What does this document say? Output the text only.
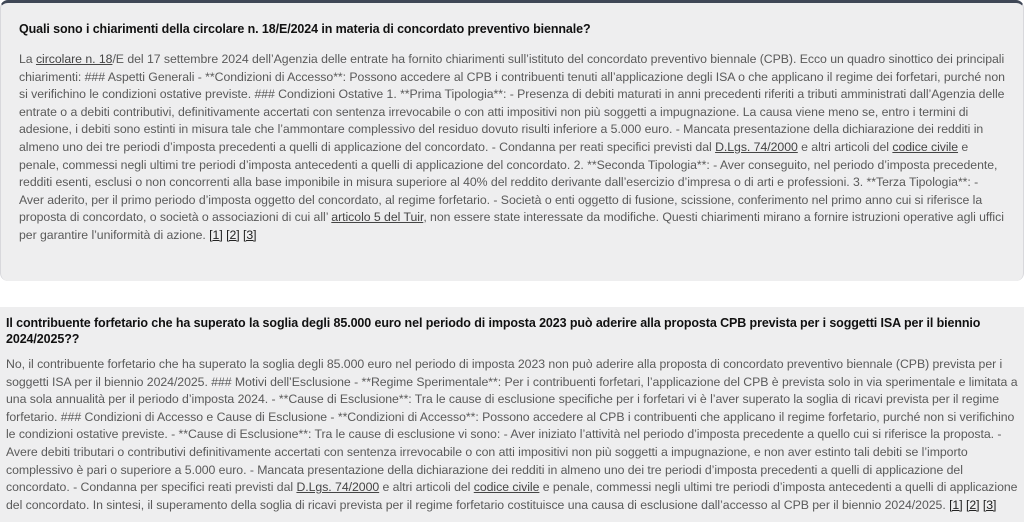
Quali sono i chiarimenti della circolare n. 18/E/2024 in materia di concordato preventivo biennale?

La circolare n. 18/E del 17 settembre 2024 dell’Agenzia delle entrate ha fornito chiarimenti sull’istituto del concordato preventivo biennale (CPB). Ecco un quadro sinottico dei principali chiarimenti: ### Aspetti Generali - **Condizioni di Accesso**: Possono accedere al CPB i contribuenti tenuti all’applicazione degli ISA o che applicano il regime dei forfetari, purché non si verifichino le condizioni ostative previste. ### Condizioni Ostative 1. **Prima Tipologia**: - Presenza di debiti maturati in anni precedenti riferiti a tributi amministrati dall’Agenzia delle entrate o a debiti contributivi, definitivamente accertati con sentenza irrevocabile o con atti impositivi non più soggetti a impugnazione. La causa viene meno se, entro i termini di adesione, i debiti sono estinti in misura tale che l’ammontare complessivo del residuo dovuto risulti inferiore a 5.000 euro. - Mancata presentazione della dichiarazione dei redditi in almeno uno dei tre periodi d’imposta precedenti a quelli di applicazione del concordato. - Condanna per reati specifici previsti dal D.Lgs. 74/2000 e altri articoli del codice civile e penale, commessi negli ultimi tre periodi d’imposta antecedenti a quelli di applicazione del concordato. 2. **Seconda Tipologia**: - Aver conseguito, nel periodo d’imposta precedente, redditi esenti, esclusi o non concorrenti alla base imponibile in misura superiore al 40% del reddito derivante dall’esercizio d’impresa o di arti e professioni. 3. **Terza Tipologia**: - Aver aderito, per il primo periodo d’imposta oggetto del concordato, al regime forfetario. - Società o enti oggetto di fusione, scissione, conferimento nel primo anno cui si riferisce la proposta di concordato, o società o associazioni di cui all’ articolo 5 del Tuir, non essere state interessate da modifiche. Questi chiarimenti mirano a fornire istruzioni operative agli uffici per garantire l’uniformità di azione. [1] [2] [3]

Il contribuente forfetario che ha superato la soglia degli 85.000 euro nel periodo di imposta 2023 può aderire alla proposta CPB prevista per i soggetti ISA per il biennio 2024/2025??

No, il contribuente forfetario che ha superato la soglia degli 85.000 euro nel periodo di imposta 2023 non può aderire alla proposta di concordato preventivo biennale (CPB) prevista per i soggetti ISA per il biennio 2024/2025. ### Motivi dell’Esclusione - **Regime Sperimentale**: Per i contribuenti forfetari, l’applicazione del CPB è prevista solo in via sperimentale e limitata a una sola annualità per il periodo d’imposta 2024. - **Cause di Esclusione**: Tra le cause di esclusione specifiche per i forfetari vi è l’aver superato la soglia di ricavi prevista per il regime forfetario. ### Condizioni di Accesso e Cause di Esclusione - **Condizioni di Accesso**: Possono accedere al CPB i contribuenti che applicano il regime forfetario, purché non si verifichino le condizioni ostative previste. - **Cause di Esclusione**: Tra le cause di esclusione vi sono: - Aver iniziato l’attività nel periodo d’imposta precedente a quello cui si riferisce la proposta. - Avere debiti tributari o contributivi definitivamente accertati con sentenza irrevocabile o con atti impositivi non più soggetti a impugnazione, e non aver estinto tali debiti se l’importo complessivo è pari o superiore a 5.000 euro. - Mancata presentazione della dichiarazione dei redditi in almeno uno dei tre periodi d’imposta precedenti a quelli di applicazione del concordato. - Condanna per specifici reati previsti dal D.Lgs. 74/2000 e altri articoli del codice civile e penale, commessi negli ultimi tre periodi d’imposta antecedenti a quelli di applicazione del concordato. In sintesi, il superamento della soglia di ricavi prevista per il regime forfetario costituisce una causa di esclusione dall’accesso al CPB per il biennio 2024/2025. [1] [2] [3]
